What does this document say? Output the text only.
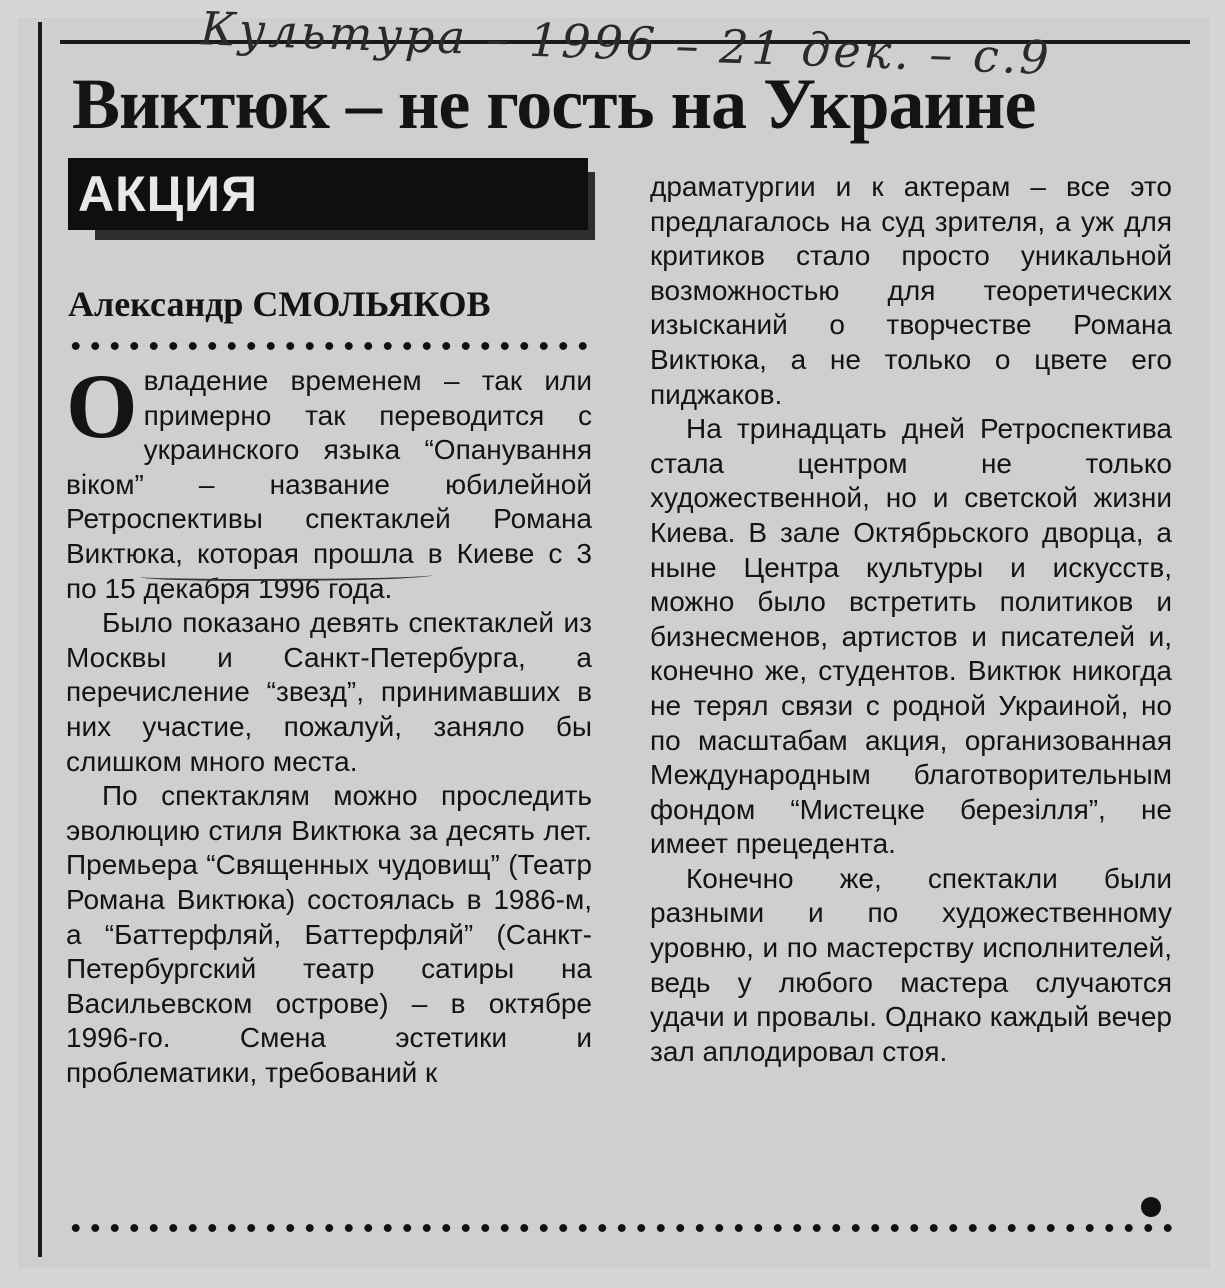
Культура – 1996 – 21 дек. – с.9
Виктюк – не гость на Украине
АКЦИЯ
Александр СМОЛЬЯКОВ

Овладение временем – так или примерно так переводится с украинского языка “Опанування віком” – название юбилейной Ретроспективы спектаклей Романа Виктюка, которая прошла в Киеве с 3 по 15 декабря 1996 года.

Было показано девять спектаклей из Москвы и Санкт-Петербурга, а перечисление “звезд”, принимавших в них участие, пожалуй, заняло бы слишком много места.

По спектаклям можно проследить эволюцию стиля Виктюка за десять лет. Премьера “Священных чудовищ” (Театр Романа Виктюка) состоялась в 1986-м, а “Баттерфляй, Баттерфляй” (Санкт-Петербургский театр сатиры на Васильевском острове) – в октябре 1996-го. Смена эстетики и проблематики, требований к

драматургии и к актерам – все это предлагалось на суд зрителя, а уж для критиков стало просто уникальной возможностью для теоретических изысканий о творчестве Романа Виктюка, а не только о цвете его пиджаков.

На тринадцать дней Ретроспектива стала центром не только художественной, но и светской жизни Киева. В зале Октябрьского дворца, а ныне Центра культуры и искусств, можно было встретить политиков и бизнесменов, артистов и писателей и, конечно же, студентов. Виктюк никогда не терял связи с родной Украиной, но по масштабам акция, организованная Международным благотворительным фондом “Мистецке березілля”, не имеет прецедента.

Конечно же, спектакли были разными и по художественному уровню, и по мастерству исполнителей, ведь у любого мастера случаются удачи и провалы. Однако каждый вечер зал аплодировал стоя.
